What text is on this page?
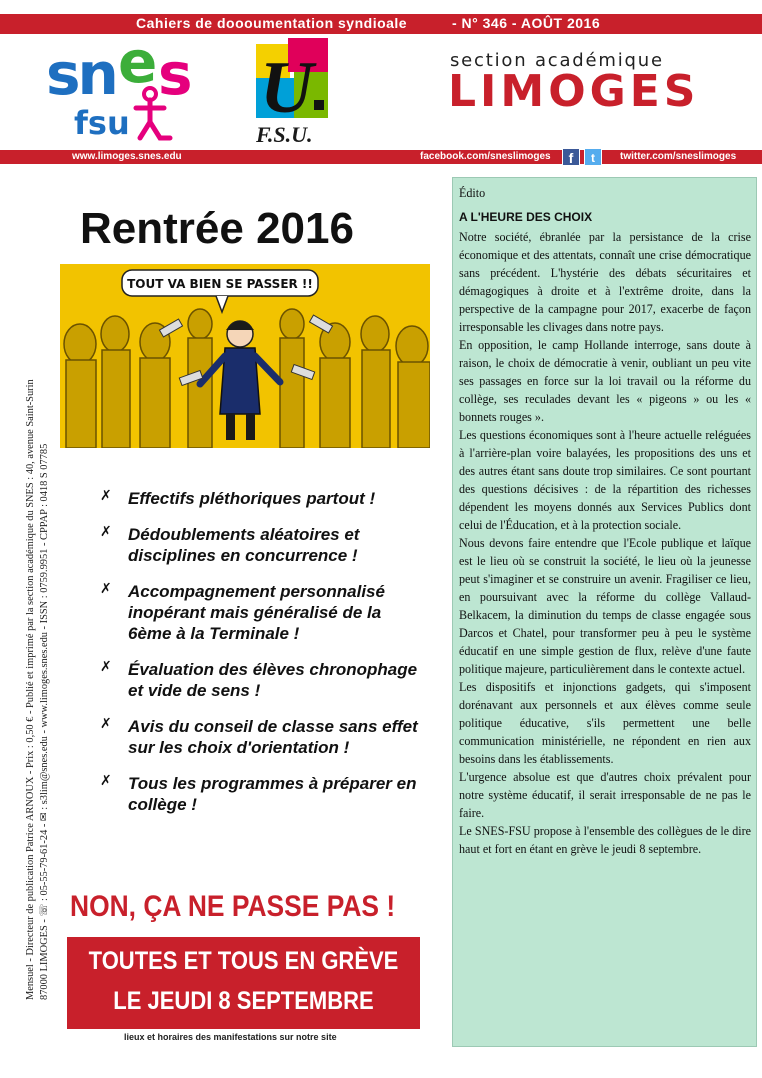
Cahiers de doooumentation syndioale	- N° 346 - AOÛT 2016
sn e s
fsu U
F.S.U.
section académique
LIMOGES
www.limoges.snes.edu	facebook.com/sneslimoges	twitter.com/sneslimoges
f	t
Mensuel - Directeur de publication Patrice ARNOUX - Prix : 0,50 € - Publié et imprimé par la section académique du SNES : 40, avenue Saint-Surin 87000 LIMOGES - ☏ : 05-55-79-61-24 - ✉ : s3lim@snes.edu - www.limoges.snes.edu - ISSN : 0759.9951 - CPPAP : 0418 S 07785
Rentrée 2016
TOUT VA BIEN SE PASSER !!
✗ Effectifs pléthoriques partout !
✗ Dédoublements aléatoires et disciplines en concurrence !
✗ Accompagnement personnalisé inopérant mais généralisé de la 6ème à la Terminale !
✗ Évaluation des élèves chronophage et vide de sens !
✗ Avis du conseil de classe sans effet sur les choix d'orientation !
✗ Tous les programmes à préparer en collège !
NON, ÇA NE PASSE PAS !
TOUTES ET TOUS EN GRÈVE
LE JEUDI 8 SEPTEMBRE
lieux et horaires des manifestations sur notre site
Édito
A L'HEURE DES CHOIX

Notre société, ébranlée par la persistance de la crise économique et des attentats, connaît une crise démocratique sans précédent. L'hystérie des débats sécuritaires et démagogiques à droite et à l'extrême droite, dans la perspective de la campagne pour 2017, exacerbe de façon irresponsable les clivages dans notre pays.

En opposition, le camp Hollande interroge, sans doute à raison, le choix de démocratie à venir, oubliant un peu vite ses passages en force sur la loi travail ou la réforme du collège, ses reculades devant les « pigeons » ou les « bonnets rouges ».

Les questions économiques sont à l'heure actuelle reléguées à l'arrière-plan voire balayées, les propositions des uns et des autres étant sans doute trop similaires. Ce sont pourtant des questions décisives : de la répartition des richesses dépendent les moyens donnés aux Services Publics dont celui de l'Éducation, et à la protection sociale.

Nous devons faire entendre que l'Ecole publique et laïque est le lieu où se construit la société, le lieu où la jeunesse peut s'imaginer et se construire un avenir. Fragiliser ce lieu, en poursuivant avec la réforme du collège Vallaud-Belkacem, la diminution du temps de classe engagée sous Darcos et Chatel, pour transformer peu à peu le système éducatif en une simple gestion de flux, relève d'une faute politique majeure, particulièrement dans le contexte actuel.

Les dispositifs et injonctions gadgets, qui s'imposent dorénavant aux personnels et aux élèves comme seule politique éducative, s'ils permettent une belle communication ministérielle, ne répondent en rien aux besoins dans les établissements.

L'urgence absolue est que d'autres choix prévalent pour notre système éducatif, il serait irresponsable de ne pas le faire.

Le SNES-FSU propose à l'ensemble des collègues de le dire haut et fort en étant en grève le jeudi 8 septembre.
